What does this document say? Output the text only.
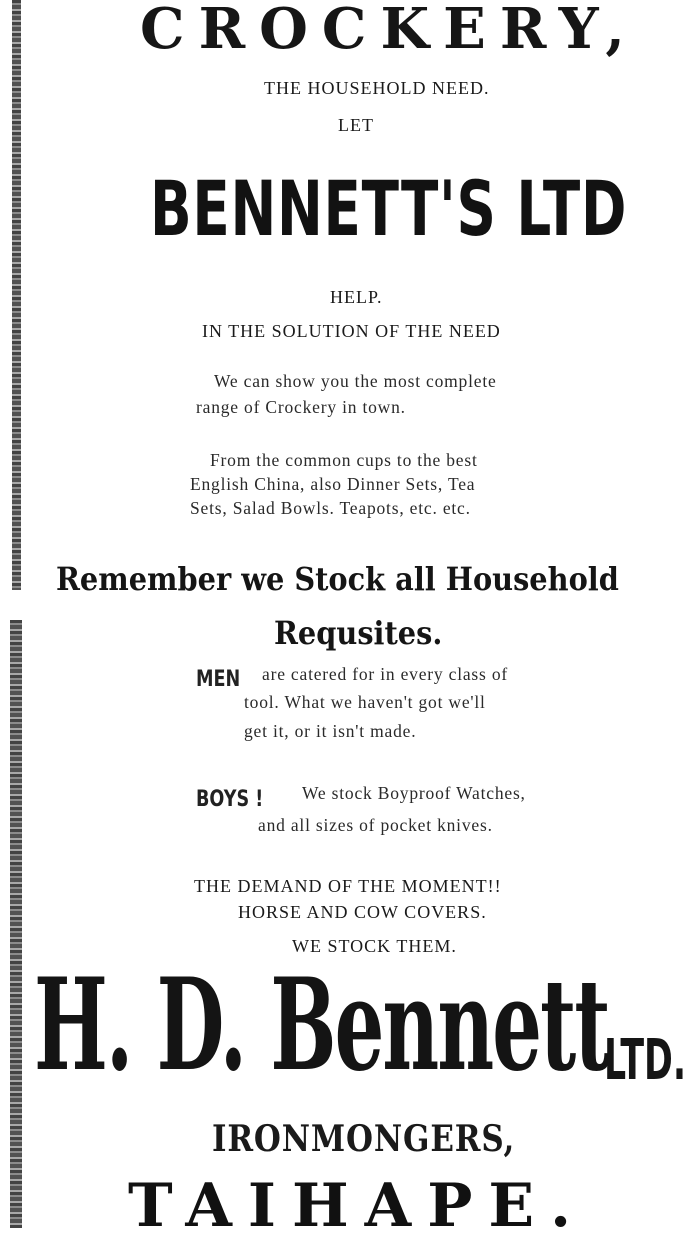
CROCKERY,

THE HOUSEHOLD NEED.

LET

BENNETT'S LTD

HELP.

IN THE SOLUTION OF THE NEED

We can show you the most complete

range of Crockery in town.

From the common cups to the best

English China, also Dinner Sets, Tea

Sets, Salad Bowls. Teapots, etc. etc.

Remember we Stock all Household

Requsites.

MEN are catered for in every class of

tool. What we haven't got we'll

get it, or it isn't made.

BOYS ! We stock Boyproof Watches,

and all sizes of pocket knives.

THE DEMAND OF THE MOMENT!!

HORSE AND COW COVERS.

WE STOCK THEM.

H. D. Bennett

LTD.

IRONMONGERS,

TAIHAPE.
